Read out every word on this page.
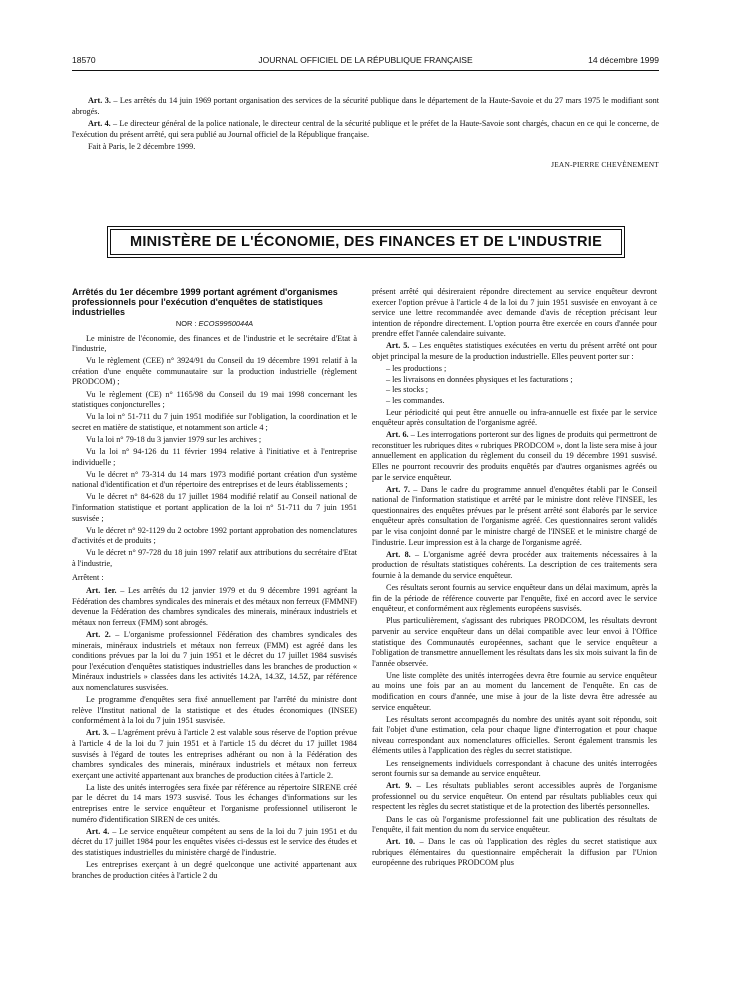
18570	JOURNAL OFFICIEL DE LA RÉPUBLIQUE FRANÇAISE	14 décembre 1999

Art. 3. – Les arrêtés du 14 juin 1969 portant organisation des services de la sécurité publique dans le département de la Haute-Savoie et du 27 mars 1975 le modifiant sont abrogés.

Art. 4. – Le directeur général de la police nationale, le directeur central de la sécurité publique et le préfet de la Haute-Savoie sont chargés, chacun en ce qui le concerne, de l'exécution du présent arrêté, qui sera publié au Journal officiel de la République française.

Fait à Paris, le 2 décembre 1999.

JEAN-PIERRE CHEVÈNEMENT
MINISTÈRE DE L'ÉCONOMIE, DES FINANCES ET DE L'INDUSTRIE
Arrêtés du 1er décembre 1999 portant agrément d'organismes professionnels pour l'exécution d'enquêtes de statistiques industrielles
NOR : ECOS9950044A

Le ministre de l'économie, des finances et de l'industrie et le secrétaire d'Etat à l'industrie,

Vu le règlement (CEE) n° 3924/91 du Conseil du 19 décembre 1991 relatif à la création d'une enquête communautaire sur la production industrielle (règlement PRODCOM) ;

Vu le règlement (CE) n° 1165/98 du Conseil du 19 mai 1998 concernant les statistiques conjoncturelles ;

Vu la loi n° 51-711 du 7 juin 1951 modifiée sur l'obligation, la coordination et le secret en matière de statistique, et notamment son article 4 ;

Vu la loi n° 79-18 du 3 janvier 1979 sur les archives ;

Vu la loi n° 94-126 du 11 février 1994 relative à l'initiative et à l'entreprise individuelle ;

Vu le décret n° 73-314 du 14 mars 1973 modifié portant création d'un système national d'identification et d'un répertoire des entreprises et de leurs établissements ;

Vu le décret n° 84-628 du 17 juillet 1984 modifié relatif au Conseil national de l'information statistique et portant application de la loi n° 51-711 du 7 juin 1951 susvisée ;

Vu le décret n° 92-1129 du 2 octobre 1992 portant approbation des nomenclatures d'activités et de produits ;

Vu le décret n° 97-728 du 18 juin 1997 relatif aux attributions du secrétaire d'Etat à l'industrie,

Arrêtent :

Art. 1er. – Les arrêtés du 12 janvier 1979 et du 9 décembre 1991 agréant la Fédération des chambres syndicales des minerais et des métaux non ferreux (FMMNF) devenue la Fédération des chambres syndicales des minerais, minéraux industriels et métaux non ferreux (FMM) sont abrogés.

Art. 2. – L'organisme professionnel Fédération des chambres syndicales des minerais, minéraux industriels et métaux non ferreux (FMM) est agréé dans les conditions prévues par la loi du 7 juin 1951 et le décret du 17 juillet 1984 susvisés pour l'exécution d'enquêtes statistiques industrielles dans les branches de production « Minéraux industriels » classées dans les activités 14.2A, 14.3Z, 14.5Z, par référence aux nomenclatures susvisées.

Le programme d'enquêtes sera fixé annuellement par l'arrêté du ministre dont relève l'Institut national de la statistique et des études économiques (INSEE) conformément à la loi du 7 juin 1951 susvisée.

Art. 3. – L'agrément prévu à l'article 2 est valable sous réserve de l'option prévue à l'article 4 de la loi du 7 juin 1951 et à l'article 15 du décret du 17 juillet 1984 susvisés à l'égard de toutes les entreprises adhérant ou non à la Fédération des chambres syndicales des minerais, minéraux industriels et métaux non ferreux exerçant une activité appartenant aux branches de production citées à l'article 2.

La liste des unités interrogées sera fixée par référence au répertoire SIRENE créé par le décret du 14 mars 1973 susvisé. Tous les échanges d'informations sur les entreprises entre le service enquêteur et l'organisme professionnel utiliseront le numéro d'identification SIREN de ces unités.

Art. 4. – Le service enquêteur compétent au sens de la loi du 7 juin 1951 et du décret du 17 juillet 1984 pour les enquêtes visées ci-dessus est le service des études et des statistiques industrielles du ministère chargé de l'industrie.

Les entreprises exerçant à un degré quelconque une activité appartenant aux branches de production citées à l'article 2 du

présent arrêté qui désireraient répondre directement au service enquêteur devront exercer l'option prévue à l'article 4 de la loi du 7 juin 1951 susvisée en envoyant à ce service une lettre recommandée avec demande d'avis de réception précisant leur intention de répondre directement. L'option pourra être exercée en cours d'année pour prendre effet l'année calendaire suivante.

Art. 5. – Les enquêtes statistiques exécutées en vertu du présent arrêté ont pour objet principal la mesure de la production industrielle. Elles peuvent porter sur :

– les productions ;
– les livraisons en données physiques et les facturations ;
– les stocks ;
– les commandes.

Leur périodicité qui peut être annuelle ou infra-annuelle est fixée par le service enquêteur après consultation de l'organisme agréé.

Art. 6. – Les interrogations porteront sur des lignes de produits qui permettront de reconstituer les rubriques dites « rubriques PRODCOM », dont la liste sera mise à jour annuellement en application du règlement du conseil du 19 décembre 1991 susvisé. Elles ne pourront recouvrir des produits enquêtés par d'autres organismes agréés ou par le service enquêteur.

Art. 7. – Dans le cadre du programme annuel d'enquêtes établi par le Conseil national de l'information statistique et arrêté par le ministre dont relève l'INSEE, les questionnaires des enquêtes prévues par le présent arrêté sont élaborés par le service enquêteur après consultation de l'organisme agréé. Ces questionnaires seront validés par le visa conjoint donné par le ministre chargé de l'INSEE et le ministre chargé de l'industrie. Leur impression est à la charge de l'organisme agréé.

Art. 8. – L'organisme agréé devra procéder aux traitements nécessaires à la production de résultats statistiques cohérents. La description de ces traitements sera fournie à la demande du service enquêteur.

Ces résultats seront fournis au service enquêteur dans un délai maximum, après la fin de la période de référence couverte par l'enquête, fixé en accord avec le service enquêteur, et conformément aux règlements européens susvisés.

Plus particulièrement, s'agissant des rubriques PRODCOM, les résultats devront parvenir au service enquêteur dans un délai compatible avec leur envoi à l'Office statistique des Communautés européennes, sachant que le service enquêteur a l'obligation de transmettre annuellement les résultats dans les six mois suivant la fin de l'année observée.

Une liste complète des unités interrogées devra être fournie au service enquêteur au moins une fois par an au moment du lancement de l'enquête. En cas de modification en cours d'année, une mise à jour de la liste devra être adressée au service enquêteur.

Les résultats seront accompagnés du nombre des unités ayant soit répondu, soit fait l'objet d'une estimation, cela pour chaque ligne d'interrogation et pour chaque niveau correspondant aux nomenclatures officielles. Seront également transmis les éléments utiles à l'application des règles du secret statistique.

Les renseignements individuels correspondant à chacune des unités interrogées seront fournis sur sa demande au service enquêteur.

Art. 9. – Les résultats publiables seront accessibles auprès de l'organisme professionnel ou du service enquêteur. On entend par résultats publiables ceux qui respectent les règles du secret statistique et de la protection des libertés personnelles.

Dans le cas où l'organisme professionnel fait une publication des résultats de l'enquête, il fait mention du nom du service enquêteur.

Art. 10. – Dans le cas où l'application des règles du secret statistique aux rubriques élémentaires du questionnaire empêcherait la diffusion par l'Union européenne des rubriques PRODCOM plus
